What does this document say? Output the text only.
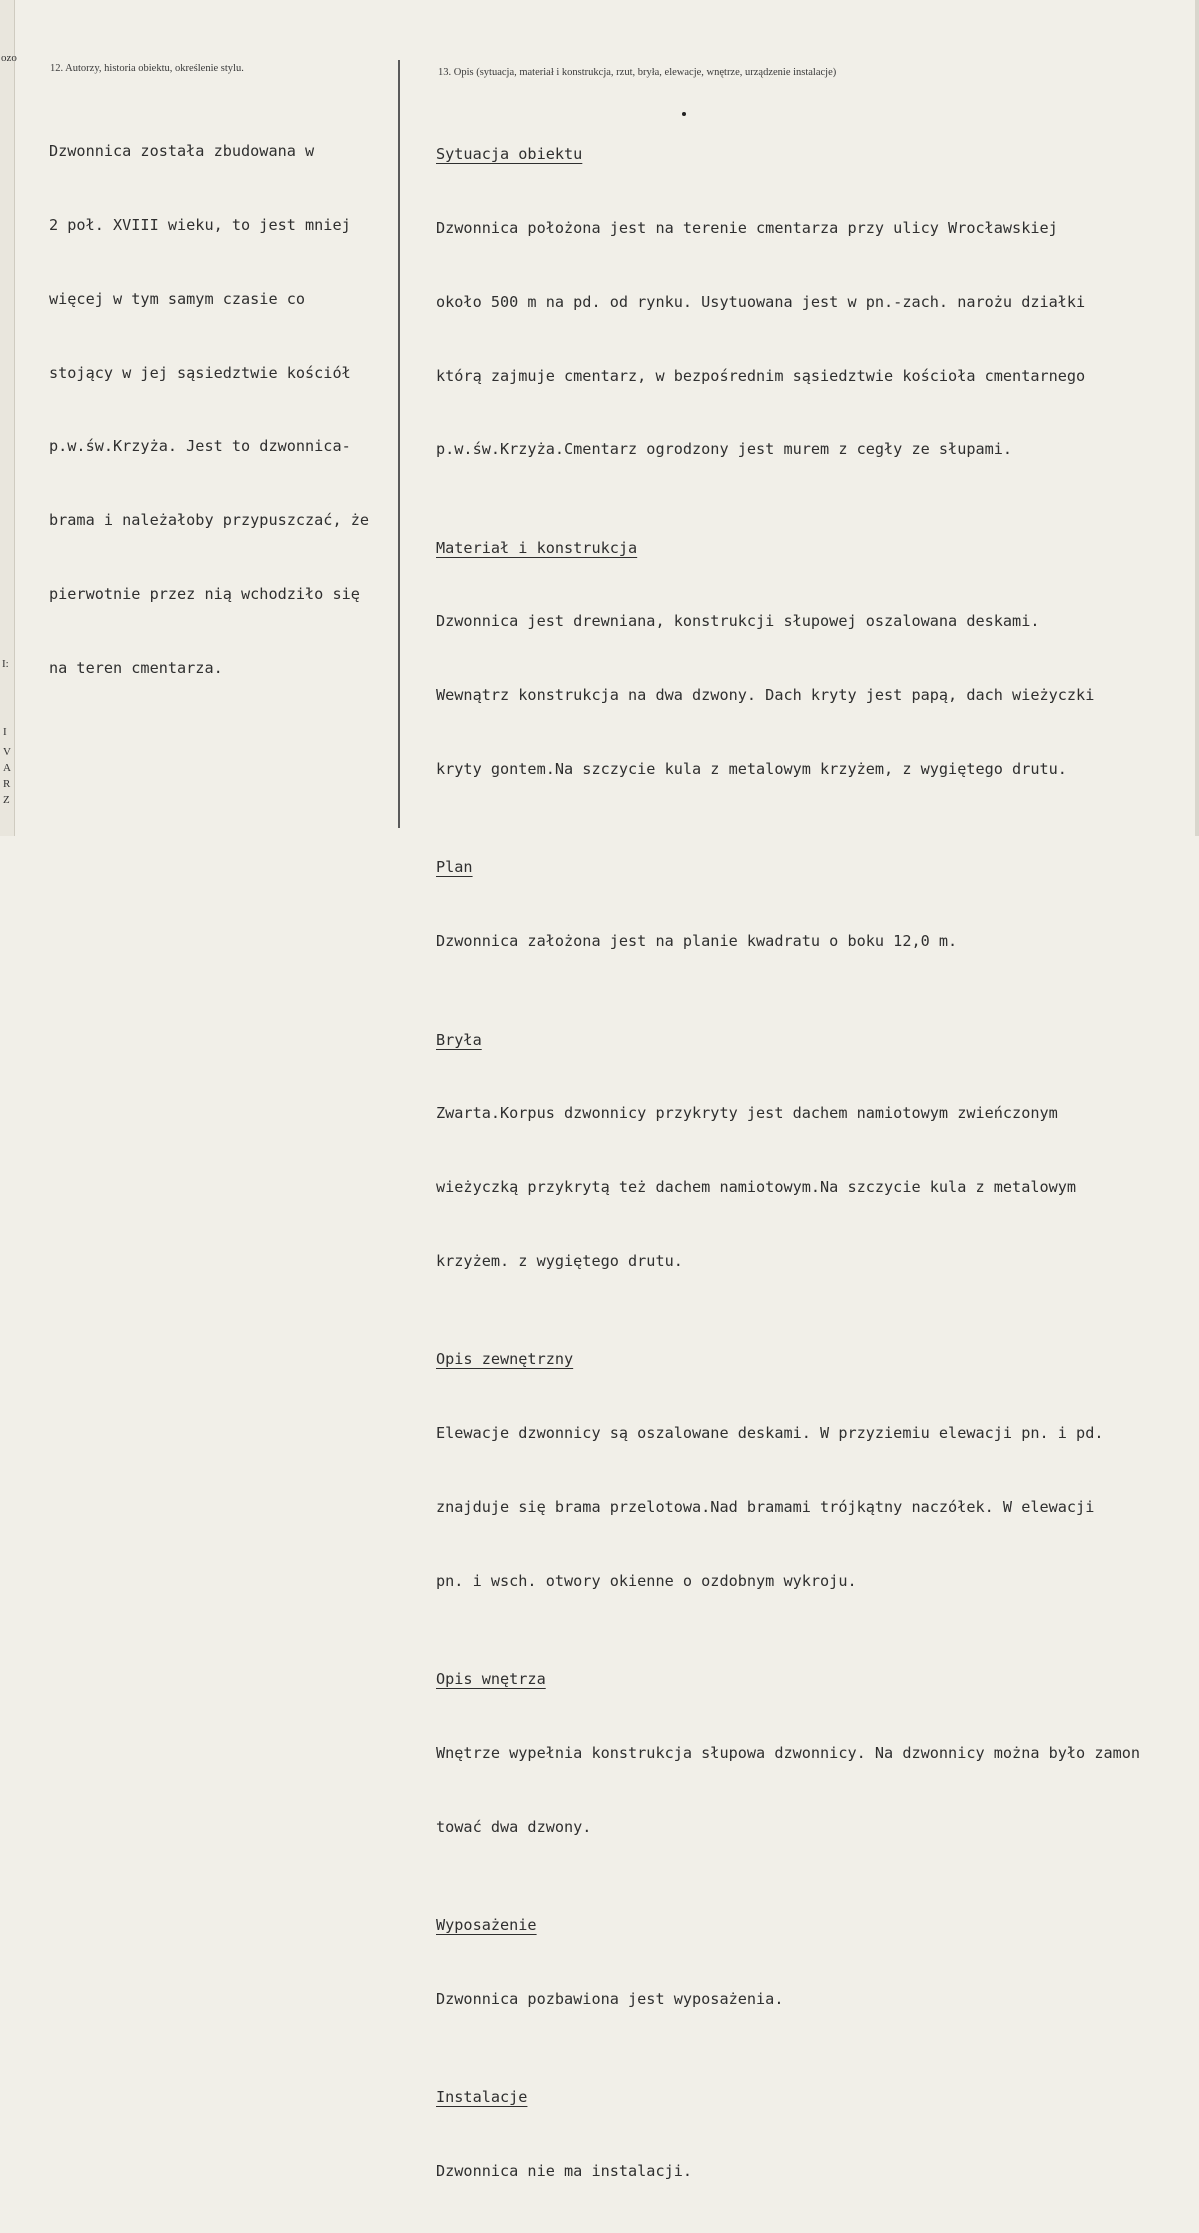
ozo
I:
I
V
A
R
Z
12. Autorzy, historia obiektu, określenie stylu.	13. Opis (sytuacja, materiał i konstrukcja, rzut, bryła, elewacje, wnętrze, urządzenie instalacje)

Dzwonnica została zbudowana w

2 poł. XVIII wieku, to jest mniej

więcej w tym samym czasie co

stojący w jej sąsiedztwie kościół

p.w.św.Krzyża. Jest to dzwonnica-

brama i należałoby przypuszczać, że

pierwotnie przez nią wchodziło się

na teren cmentarza.

Sytuacja obiektu

Dzwonnica położona jest na terenie cmentarza przy ulicy Wrocławskiej

około 500 m na pd. od rynku. Usytuowana jest w pn.-zach. narożu działki

którą zajmuje cmentarz, w bezpośrednim sąsiedztwie kościoła cmentarnego

p.w.św.Krzyża.Cmentarz ogrodzony jest murem z cegły ze słupami.

Materiał i konstrukcja

Dzwonnica jest drewniana, konstrukcji słupowej oszalowana deskami.

Wewnątrz konstrukcja na dwa dzwony. Dach kryty jest papą, dach wieżyczki

kryty gontem.Na szczycie kula z metalowym krzyżem, z wygiętego drutu.

Plan

Dzwonnica założona jest na planie kwadratu o boku 12,0 m.

Bryła

Zwarta.Korpus dzwonnicy przykryty jest dachem namiotowym zwieńczonym

wieżyczką przykrytą też dachem namiotowym.Na szczycie kula z metalowym

krzyżem. z wygiętego drutu.

Opis zewnętrzny

Elewacje dzwonnicy są oszalowane deskami. W przyziemiu elewacji pn. i pd.

znajduje się brama przelotowa.Nad bramami trójkątny naczółek. W elewacji

pn. i wsch. otwory okienne o ozdobnym wykroju.

Opis wnętrza

Wnętrze wypełnia konstrukcja słupowa dzwonnicy. Na dzwonnicy można było zamon

tować dwa dzwony.

Wyposażenie

Dzwonnica pozbawiona jest wyposażenia.

Instalacje

Dzwonnica nie ma instalacji.
